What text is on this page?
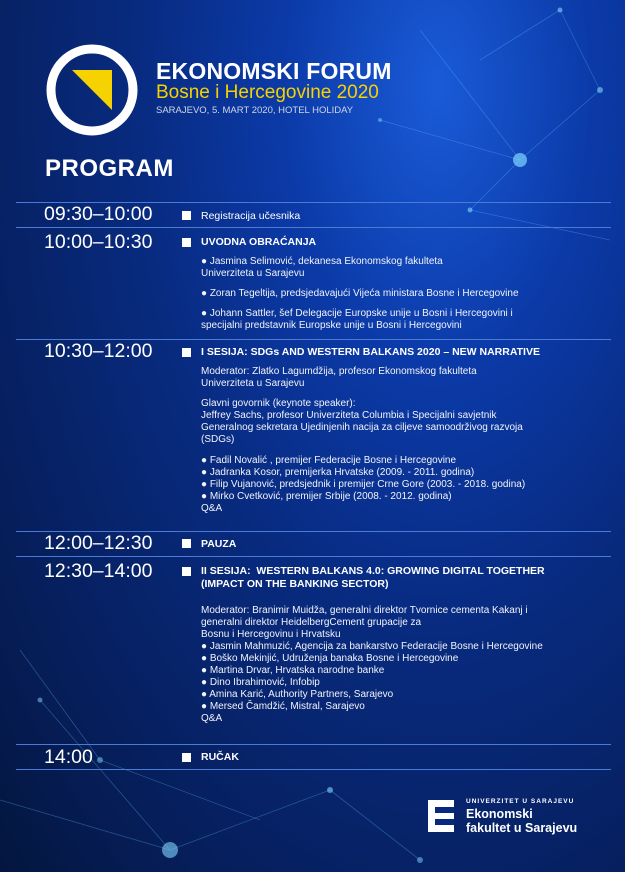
EKONOMSKI FORUM
Bosne i Hercegovine 2020
SARAJEVO, 5. MART 2020, HOTEL HOLIDAY
PROGRAM
09:30–10:00	Registracija učesnika
10:00–10:30	UVODNA OBRAĆANJA
● Jasmina Selimović, dekanesa Ekonomskog fakulteta
Univerziteta u Sarajevu
● Zoran Tegeltija, predsjedavajući Vijeća ministara Bosne i Hercegovine
● Johann Sattler, šef Delegacije Europske unije u Bosni i Hercegovini i
specijalni predstavnik Europske unije u Bosni i Hercegovini
10:30–12:00	I SESIJA: SDGs AND WESTERN BALKANS 2020 – NEW NARRATIVE
Moderator: Zlatko Lagumdžija, profesor Ekonomskog fakulteta
Univerziteta u Sarajevu
Glavni govornik (keynote speaker):
Jeffrey Sachs, profesor Univerziteta Columbia i Specijalni savjetnik
Generalnog sekretara Ujedinjenih nacija za ciljeve samoodrživog razvoja
(SDGs)
● Fadil Novalić , premijer Federacije Bosne i Hercegovine
● Jadranka Kosor, premijerka Hrvatske (2009. - 2011. godina)
● Filip Vujanović, predsjednik i premijer Crne Gore (2003. - 2018. godina)
● Mirko Cvetković, premijer Srbije (2008. - 2012. godina)
Q&A
12:00–12:30	PAUZA
12:30–14:00	II SESIJA:  WESTERN BALKANS 4.0: GROWING DIGITAL TOGETHER
(IMPACT ON THE BANKING SECTOR)
Moderator: Branimir Muidža, generalni direktor Tvornice cementa Kakanj i
generalni direktor HeidelbergCement grupacije za
Bosnu i Hercegovinu i Hrvatsku
● Jasmin Mahmuzić, Agencija za bankarstvo Federacije Bosne i Hercegovine
● Boško Mekinjić, Udruženja banaka Bosne i Hercegovine
● Martina Drvar, Hrvatska narodne banke
● Dino Ibrahimović, Infobip
● Amina Karić, Authority Partners, Sarajevo
● Mersed Čamdžić, Mistral, Sarajevo
Q&A
14:00	RUČAK
UNIVERZITET U SARAJEVU
Ekonomski
fakultet u Sarajevu
